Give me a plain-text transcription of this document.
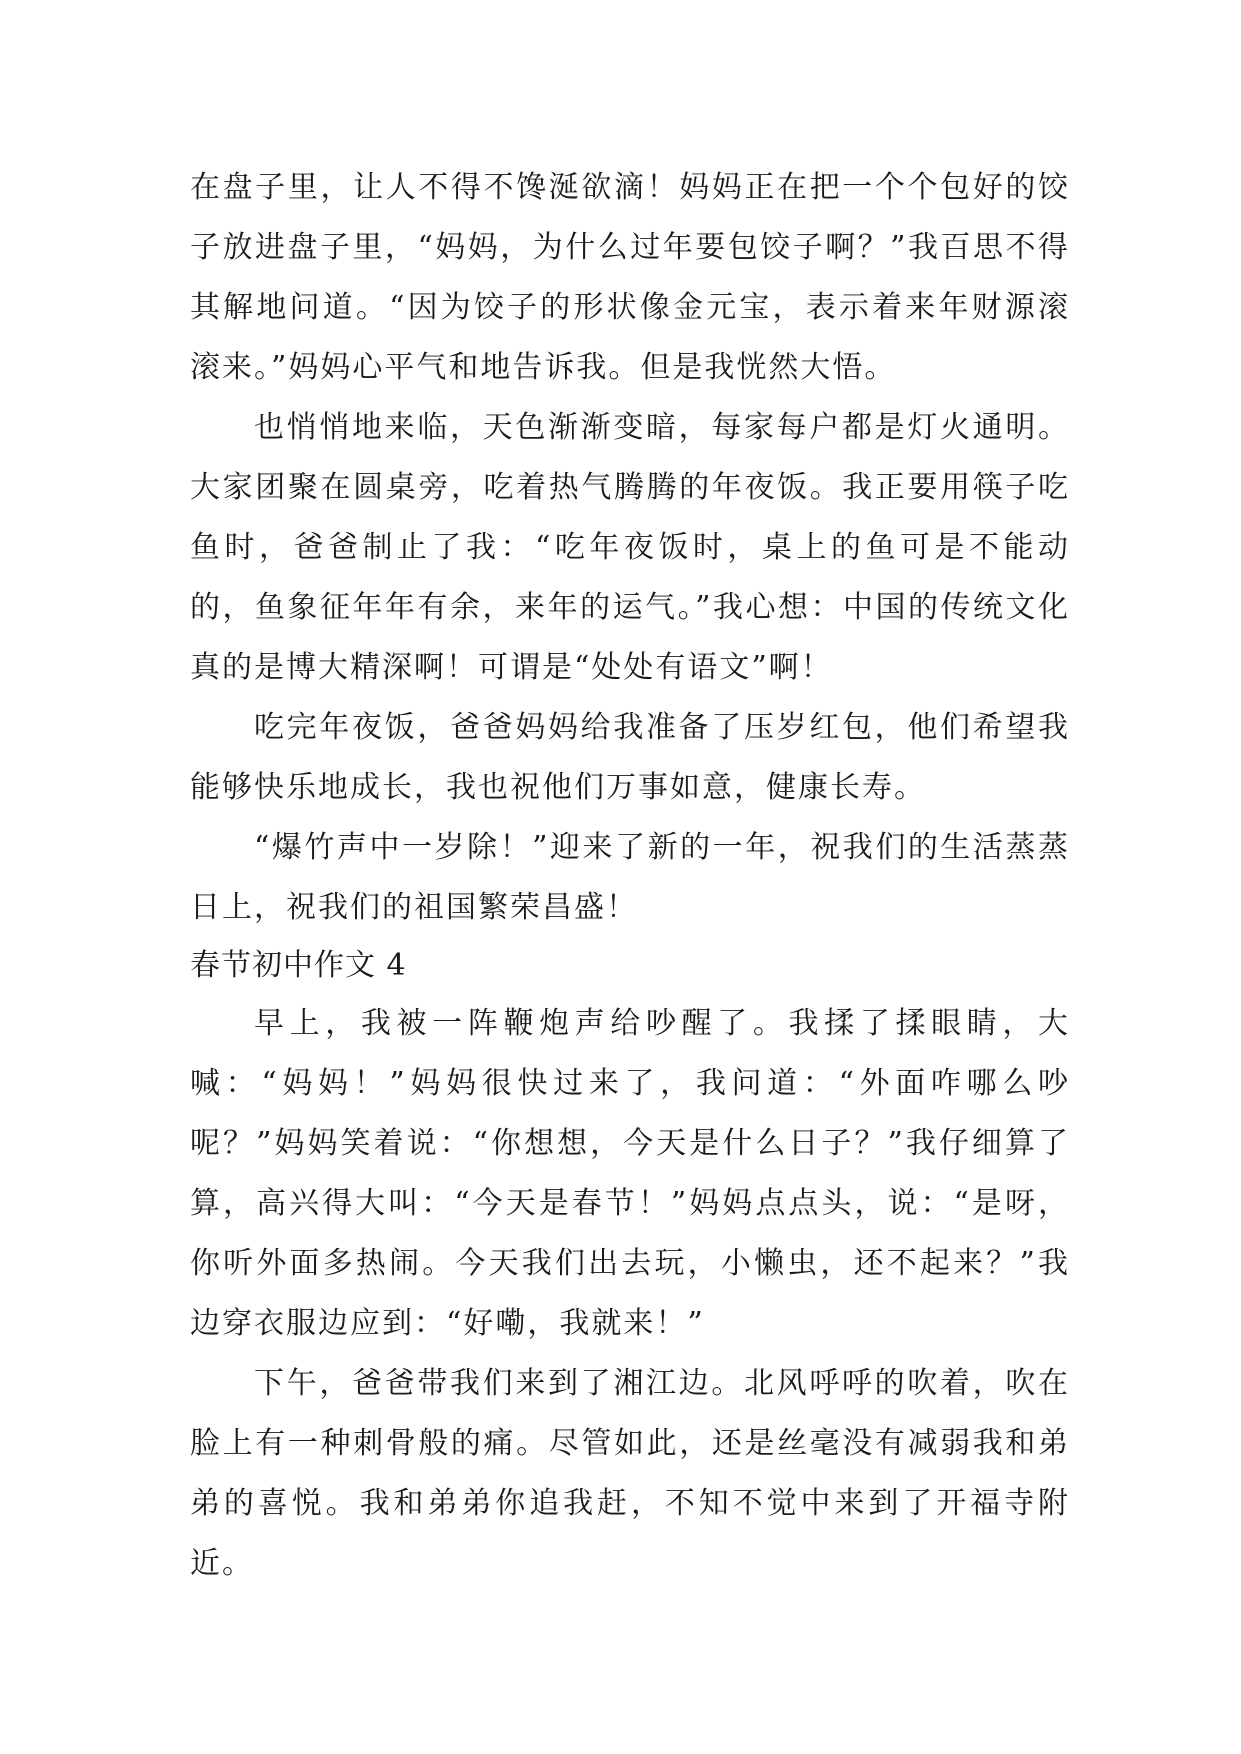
在盘子里，让人不得不馋涎欲滴！妈妈正在把一个个包好的饺子放进盘子里，“妈妈，为什么过年要包饺子啊？”我百思不得其解地问道。“因为饺子的形状像金元宝，表示着来年财源滚滚来。”妈妈心平气和地告诉我。但是我恍然大悟。

也悄悄地来临，天色渐渐变暗，每家每户都是灯火通明。大家团聚在圆桌旁，吃着热气腾腾的年夜饭。我正要用筷子吃鱼时，爸爸制止了我：“吃年夜饭时，桌上的鱼可是不能动的，鱼象征年年有余，来年的运气。”我心想：中国的传统文化真的是博大精深啊！可谓是“处处有语文”啊！

吃完年夜饭，爸爸妈妈给我准备了压岁红包，他们希望我能够快乐地成长，我也祝他们万事如意，健康长寿。

“爆竹声中一岁除！”迎来了新的一年，祝我们的生活蒸蒸日上，祝我们的祖国繁荣昌盛！

春节初中作文 4

早上，我被一阵鞭炮声给吵醒了。我揉了揉眼睛，大喊：“妈妈！”妈妈很快过来了，我问道：“外面咋哪么吵呢？”妈妈笑着说：“你想想，今天是什么日子？”我仔细算了算，高兴得大叫：“今天是春节！”妈妈点点头，说：“是呀，你听外面多热闹。今天我们出去玩，小懒虫，还不起来？”我边穿衣服边应到：“好嘞，我就来！”

下午，爸爸带我们来到了湘江边。北风呼呼的吹着，吹在脸上有一种刺骨般的痛。尽管如此，还是丝毫没有减弱我和弟弟的喜悦。我和弟弟你追我赶，不知不觉中来到了开福寺附近。
